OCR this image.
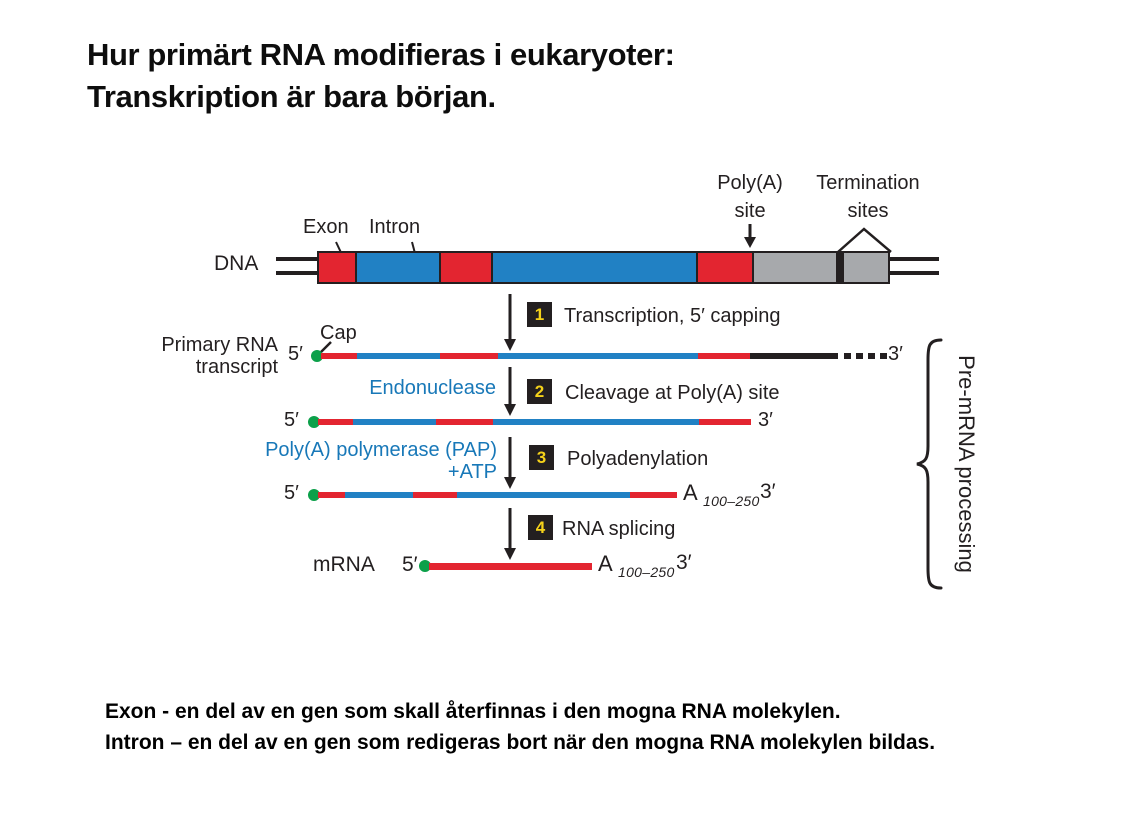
Hur primärt RNA modifieras i eukaryoter:
Transkription är bara början.
Exon Intron
Poly(A)
site
Termination
sites
DNA
1 Transcription, 5′ capping
Primary RNA
transcript
Cap
5′	3′
Endonuclease 2 Cleavage at Poly(A) site
5′	3′
Poly(A) polymerase (PAP)
+ATP
3 Polyadenylation
5′	A 100–250 3′
4 RNA splicing
mRNA 5′	A 100–250 3′	Pre-mRNA processing
Exon - en del av en gen som skall återfinnas i den mogna RNA molekylen.
Intron – en del av en gen som redigeras bort när den mogna RNA molekylen bildas.
